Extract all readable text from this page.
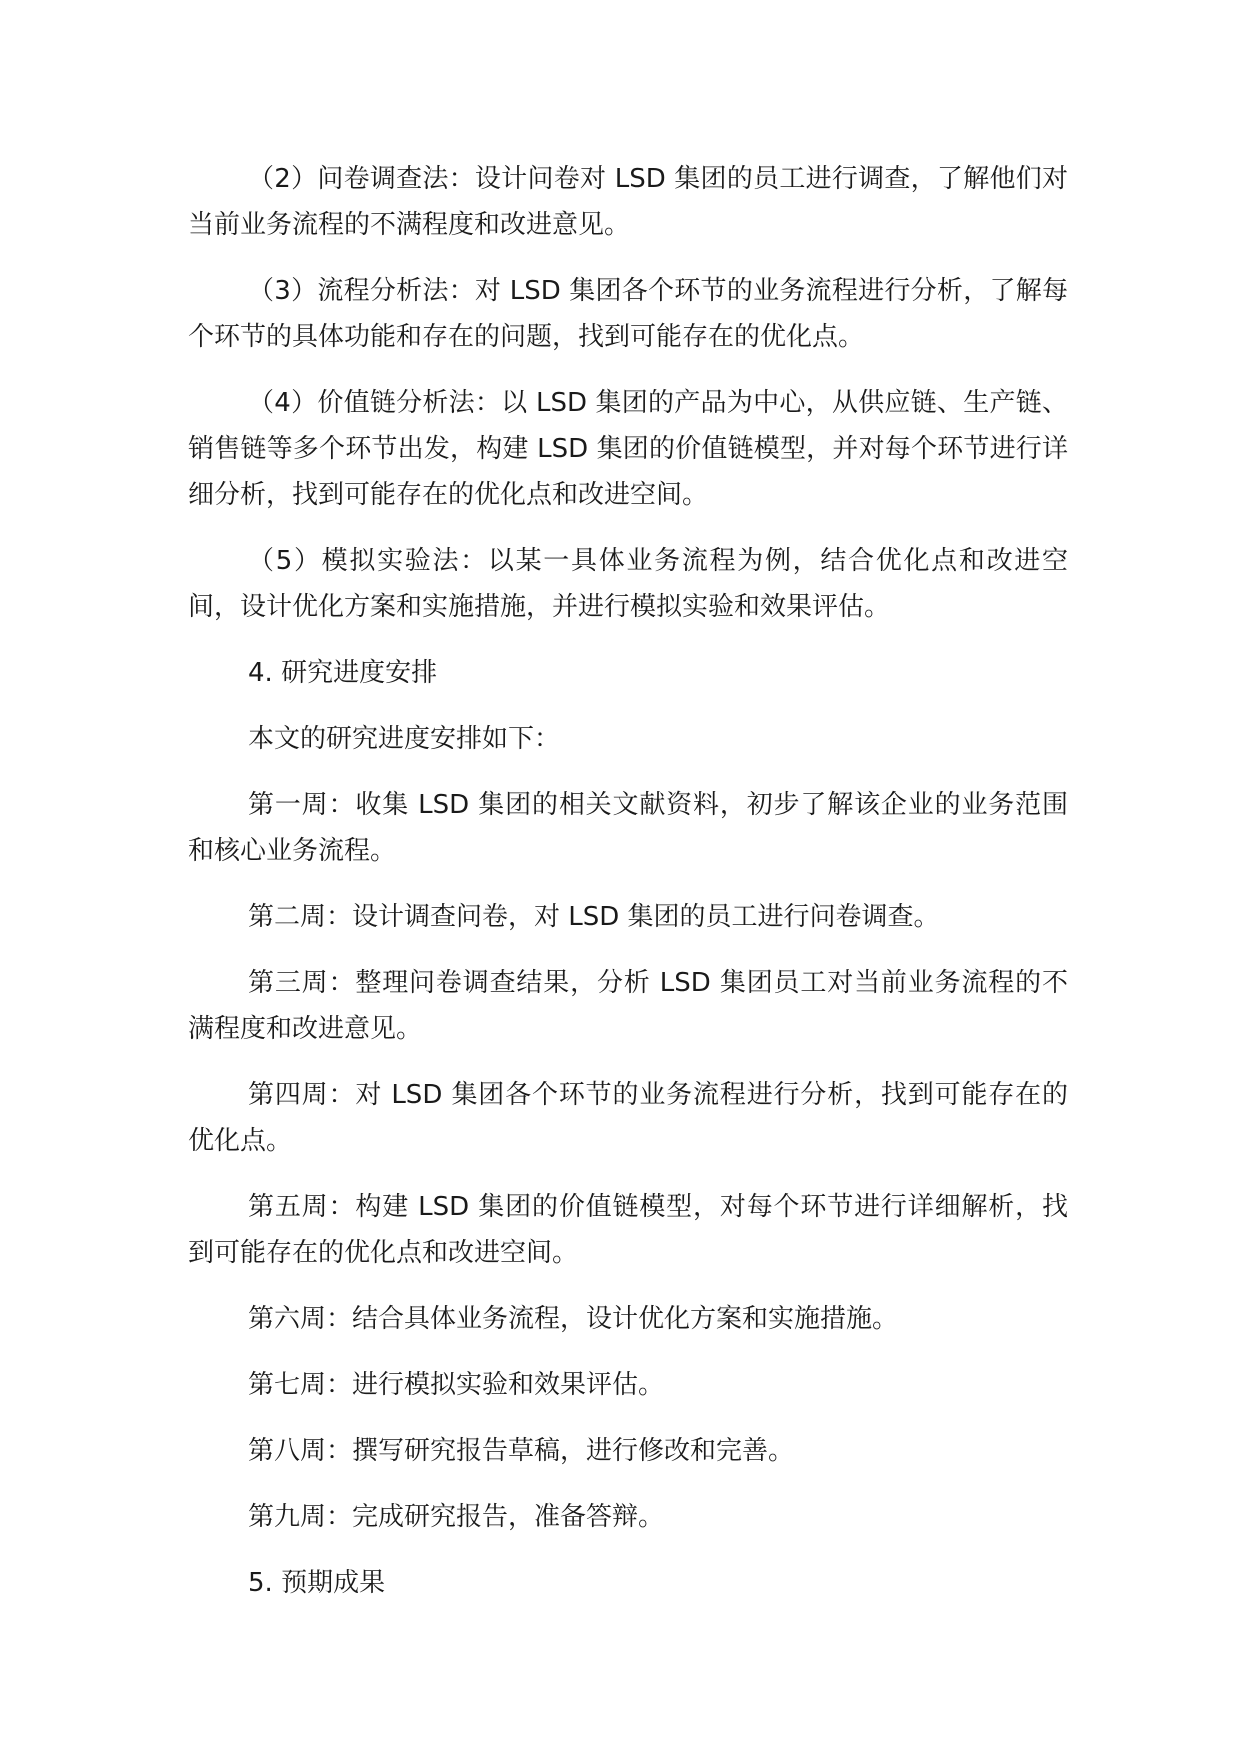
（2）问卷调查法：设计问卷对 LSD 集团的员工进行调查，了解他们对当前业务流程的不满程度和改进意见。

（3）流程分析法：对 LSD 集团各个环节的业务流程进行分析，了解每个环节的具体功能和存在的问题，找到可能存在的优化点。

（4）价值链分析法：以 LSD 集团的产品为中心，从供应链、生产链、销售链等多个环节出发，构建 LSD 集团的价值链模型，并对每个环节进行详细分析，找到可能存在的优化点和改进空间。

（5）模拟实验法：以某一具体业务流程为例，结合优化点和改进空间，设计优化方案和实施措施，并进行模拟实验和效果评估。

4. 研究进度安排

本文的研究进度安排如下：

第一周：收集 LSD 集团的相关文献资料，初步了解该企业的业务范围和核心业务流程。

第二周：设计调查问卷，对 LSD 集团的员工进行问卷调查。

第三周：整理问卷调查结果，分析 LSD 集团员工对当前业务流程的不满程度和改进意见。

第四周：对 LSD 集团各个环节的业务流程进行分析，找到可能存在的优化点。

第五周：构建 LSD 集团的价值链模型，对每个环节进行详细解析，找到可能存在的优化点和改进空间。

第六周：结合具体业务流程，设计优化方案和实施措施。

第七周：进行模拟实验和效果评估。

第八周：撰写研究报告草稿，进行修改和完善。

第九周：完成研究报告，准备答辩。

5. 预期成果
